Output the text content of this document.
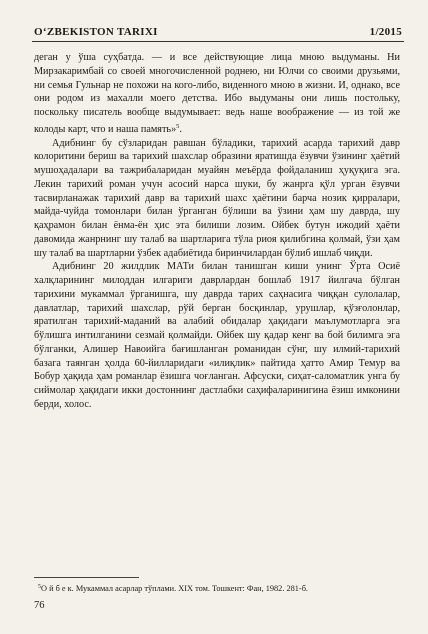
O‘ZBEKISTON TARIXI	1/2015

деган у ўша суҳбатда. — и все действующие лица мною выдуманы. Ни Мирзакаримбай со своей многочисленной роднею, ни Юлчи со своими друзьями, ни семья Гульнар не похожи на кого-либо, виденного мною в жизни. И, однако, все они родом из махалли моего детства. Ибо выдуманы они лишь постольку, поскольку писатель вообще выдумывает: ведь наше воображение — из той же колоды карт, что и наша память»$^5$.

Адибнинг бу сўзларидан равшан бўладики, тарихий асарда тарихий давр колоритини бериш ва тарихий шахслар образини яратишда ёзувчи ўзининг ҳаётий мушоҳадалари ва тажрибаларидан муайян меъёрда фойдаланиш ҳуқуқига эга. Лекин тарихий роман учун асосий нарса шуки, бу жанрга қўл урган ёзувчи тасвирланажак тарихий давр ва тарихий шахс ҳаётини барча нозик қирралари, майда-чуйда томонлари билан ўрганган бўлиши ва ўзини ҳам шу даврда, шу қаҳрамон билан ёнма-ён ҳис эта билиши лозим. Ойбек бутун ижодий ҳаёти давомида жанрнинг шу талаб ва шартларига тўла риоя қилибгина қолмай, ўзи ҳам шу талаб ва шартларни ўзбек адабиётида биринчилардан бўлиб ишлаб чиқди.

Адибнинг 20 жилдлик МАТи билан танишган киши унинг Ўрта Осиё халқларининг милоддан илгариги даврлардан бошлаб 1917 йилгача бўлган тарихини мукаммал ўрганишга, шу даврда тарих саҳнасига чиққан сулолалар, давлатлар, тарихий шахслар, рўй берган босқинлар, урушлар, қўзғолонлар, яратилган тарихий-маданий ва алабий обидалар ҳақидаги маълумотларга эга бўлишга интилганини сезмай қолмайди. Ойбек шу қадар кенг ва бой билимга эга бўлганки, Алишер Навоийга бағишланган романидан сўнг, шу илмий-тарихий базага таянган ҳолда 60-йилларидаги «илиқлик» пайтида ҳатто Амир Темур ва Бобур ҳақида ҳам романлар ёзишга чоғланган. Афсуски, сиҳат-саломатлик унга бу сиймолар ҳақидаги икки достоннинг дастлабки саҳифаларинигина ёзиш имконини берди, холос.

$^5$О й б е к. Мукаммал асарлар тўплами. XIX том. Тошкент: Фан, 1982. 281-б.
76
